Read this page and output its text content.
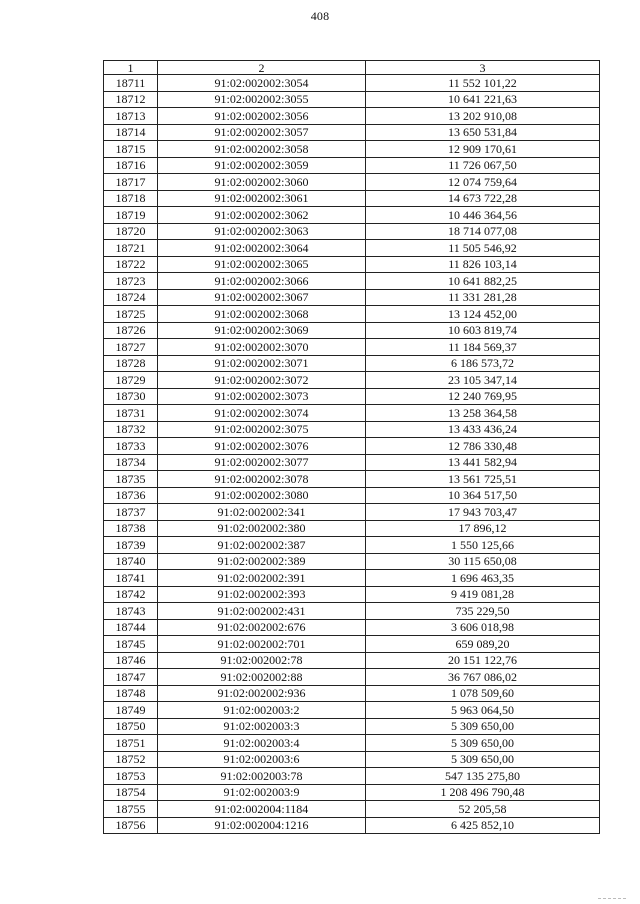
408
1	2	3
18711	91:02:002002:3054	11 552 101,22
18712	91:02:002002:3055	10 641 221,63
18713	91:02:002002:3056	13 202 910,08
18714	91:02:002002:3057	13 650 531,84
18715	91:02:002002:3058	12 909 170,61
18716	91:02:002002:3059	11 726 067,50
18717	91:02:002002:3060	12 074 759,64
18718	91:02:002002:3061	14 673 722,28
18719	91:02:002002:3062	10 446 364,56
18720	91:02:002002:3063	18 714 077,08
18721	91:02:002002:3064	11 505 546,92
18722	91:02:002002:3065	11 826 103,14
18723	91:02:002002:3066	10 641 882,25
18724	91:02:002002:3067	11 331 281,28
18725	91:02:002002:3068	13 124 452,00
18726	91:02:002002:3069	10 603 819,74
18727	91:02:002002:3070	11 184 569,37
18728	91:02:002002:3071	6 186 573,72
18729	91:02:002002:3072	23 105 347,14
18730	91:02:002002:3073	12 240 769,95
18731	91:02:002002:3074	13 258 364,58
18732	91:02:002002:3075	13 433 436,24
18733	91:02:002002:3076	12 786 330,48
18734	91:02:002002:3077	13 441 582,94
18735	91:02:002002:3078	13 561 725,51
18736	91:02:002002:3080	10 364 517,50
18737	91:02:002002:341	17 943 703,47
18738	91:02:002002:380	17 896,12
18739	91:02:002002:387	1 550 125,66
18740	91:02:002002:389	30 115 650,08
18741	91:02:002002:391	1 696 463,35
18742	91:02:002002:393	9 419 081,28
18743	91:02:002002:431	735 229,50
18744	91:02:002002:676	3 606 018,98
18745	91:02:002002:701	659 089,20
18746	91:02:002002:78	20 151 122,76
18747	91:02:002002:88	36 767 086,02
18748	91:02:002002:936	1 078 509,60
18749	91:02:002003:2	5 963 064,50
18750	91:02:002003:3	5 309 650,00
18751	91:02:002003:4	5 309 650,00
18752	91:02:002003:6	5 309 650,00
18753	91:02:002003:78	547 135 275,80
18754	91:02:002003:9	1 208 496 790,48
18755	91:02:002004:1184	52 205,58
18756	91:02:002004:1216	6 425 852,10
